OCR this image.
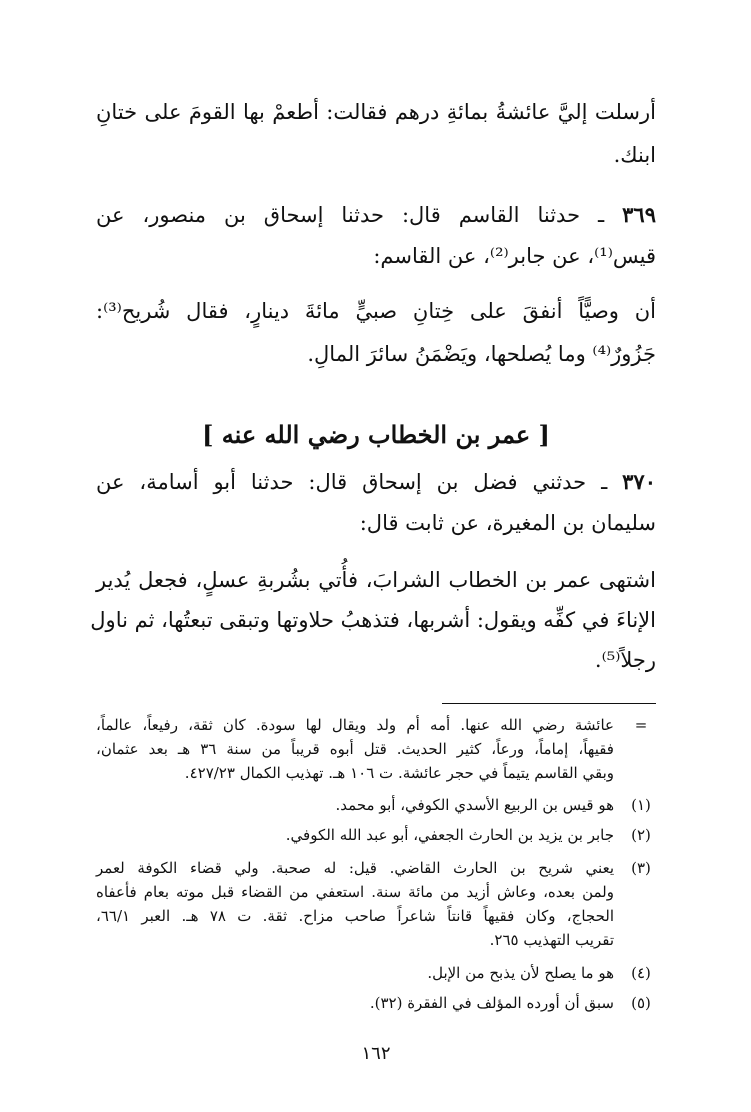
أرسلت إليَّ عائشةُ بمائةِ درهم فقالت: أطعمْ بها القومَ على ختانِ
ابنك.
٣٦٩ ـ حدثنا القاسم قال: حدثنا إسحاق بن منصور، عن
قيس⁽¹⁾، عن جابر⁽²⁾، عن القاسم:
أن وصيًّاً أنفقَ على خِتانِ صبيٍّ مائةَ دينارٍ، فقال شُريح⁽³⁾:
جَزُورٌ⁽⁴⁾ وما يُصلحها، ويَضْمَنُ سائرَ المالِ.
[ عمر بن الخطاب رضي الله عنه ]
٣٧٠ ـ حدثني فضل بن إسحاق قال: حدثنا أبو أسامة، عن
سليمان بن المغيرة، عن ثابت قال:
اشتهى عمر بن الخطاب الشرابَ، فأُتي بشُربةِ عسلٍ، فجعل يُدير
الإناءَ في كفِّه ويقول: أشربها، فتذهبُ حلاوتها وتبقى تبعتُها، ثم ناول
رجلاً⁽⁵⁾.
=
عائشة رضي الله عنها. أمه أم ولد ويقال لها سودة. كان ثقة، رفيعاً، عالماً،
فقيهاً، إماماً، ورعاً، كثير الحديث. قتل أبوه قريباً من سنة ٣٦ هـ بعد عثمان،
وبقي القاسم يتيماً في حجر عائشة. ت ١٠٦ هـ. تهذيب الكمال ٤٢٧/٢٣.
(١)
هو قيس بن الربيع الأسدي الكوفي، أبو محمد.
(٢)
جابر بن يزيد بن الحارث الجعفي، أبو عبد الله الكوفي.
(٣)
يعني شريح بن الحارث القاضي. قيل: له صحبة. ولي قضاء الكوفة لعمر
ولمن بعده، وعاش أزيد من مائة سنة. استعفي من القضاء قبل موته بعام فأعفاه
الحجاج، وكان فقيهاً قانتاً شاعراً صاحب مزاح. ثقة. ت ٧٨ هـ. العبر ٦٦/١،
تقريب التهذيب ٢٦٥.
(٤)
هو ما يصلح لأن يذبح من الإبل.
(٥)
سبق أن أورده المؤلف في الفقرة (٣٢).
١٦٢
